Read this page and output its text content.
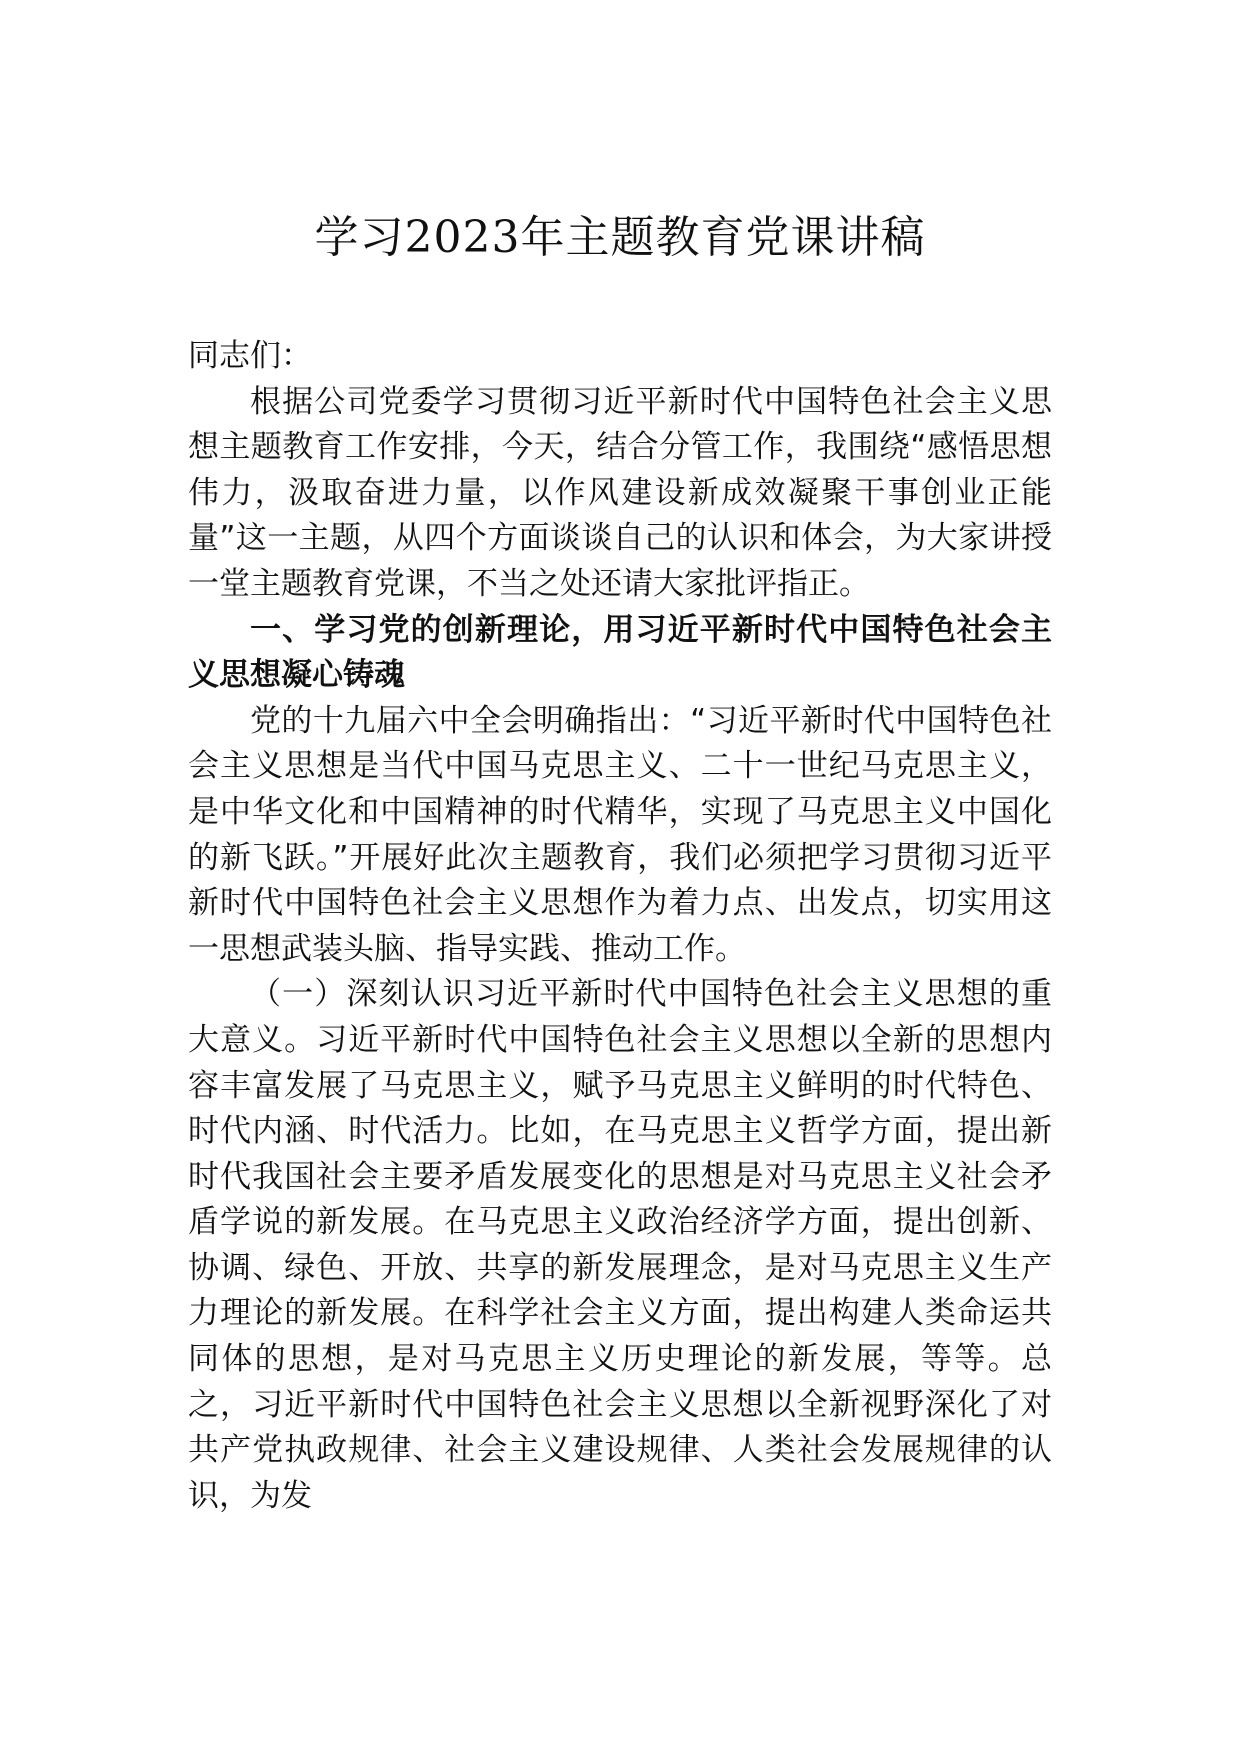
学习2023年主题教育党课讲稿

同志们：

根据公司党委学习贯彻习近平新时代中国特色社会主义思想主题教育工作安排，今天，结合分管工作，我围绕“感悟思想伟力，汲取奋进力量，以作风建设新成效凝聚干事创业正能量”这一主题，从四个方面谈谈自己的认识和体会，为大家讲授一堂主题教育党课，不当之处还请大家批评指正。

一、学习党的创新理论，用习近平新时代中国特色社会主义思想凝心铸魂

党的十九届六中全会明确指出：“习近平新时代中国特色社会主义思想是当代中国马克思主义、二十一世纪马克思主义，是中华文化和中国精神的时代精华，实现了马克思主义中国化的新飞跃。”开展好此次主题教育，我们必须把学习贯彻习近平新时代中国特色社会主义思想作为着力点、出发点，切实用这一思想武装头脑、指导实践、推动工作。

（一）深刻认识习近平新时代中国特色社会主义思想的重大意义。习近平新时代中国特色社会主义思想以全新的思想内容丰富发展了马克思主义，赋予马克思主义鲜明的时代特色、时代内涵、时代活力。比如，在马克思主义哲学方面，提出新时代我国社会主要矛盾发展变化的思想是对马克思主义社会矛盾学说的新发展。在马克思主义政治经济学方面，提出创新、协调、绿色、开放、共享的新发展理念，是对马克思主义生产力理论的新发展。在科学社会主义方面，提出构建人类命运共同体的思想，是对马克思主义历史理论的新发展，等等。总之，习近平新时代中国特色社会主义思想以全新视野深化了对共产党执政规律、社会主义建设规律、人类社会发展规律的认识，为发
